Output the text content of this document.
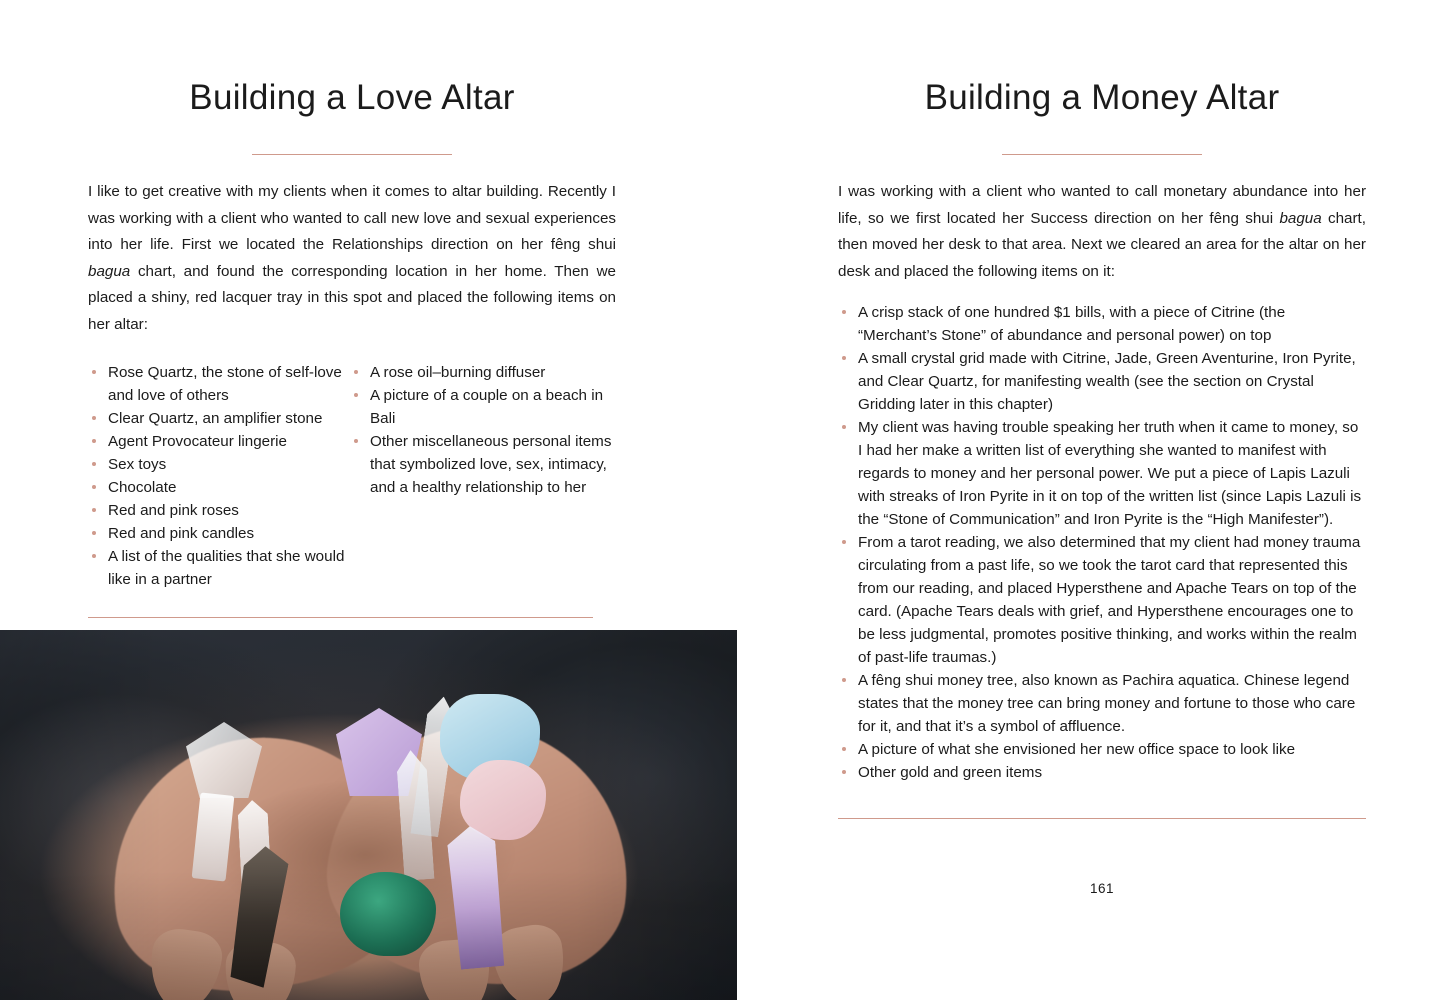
Building a Love Altar

I like to get creative with my clients when it comes to altar building. Recently I was working with a client who wanted to call new love and sexual experiences into her life. First we located the Relationships direction on her fêng shui bagua chart, and found the corresponding location in her home. Then we placed a shiny, red lacquer tray in this spot and placed the following items on her altar:

Rose Quartz, the stone of self-love and love of others
Clear Quartz, an amplifier stone
Agent Provocateur lingerie
Sex toys
Chocolate
Red and pink roses
Red and pink candles
A list of the qualities that she would like in a partner
A rose oil–burning diffuser
A picture of a couple on a beach in Bali
Other miscellaneous personal items that symbolized love, sex, intimacy, and a healthy relationship to her
Building a Money Altar

I was working with a client who wanted to call monetary abundance into her life, so we first located her Success direction on her fêng shui bagua chart, then moved her desk to that area. Next we cleared an area for the altar on her desk and placed the following items on it:

A crisp stack of one hundred $1 bills, with a piece of Citrine (the “Merchant’s Stone” of abundance and personal power) on top
A small crystal grid made with Citrine, Jade, Green Aventurine, Iron Pyrite, and Clear Quartz, for manifesting wealth (see the section on Crystal Gridding later in this chapter)
My client was having trouble speaking her truth when it came to money, so I had her make a written list of everything she wanted to manifest with regards to money and her personal power. We put a piece of Lapis Lazuli with streaks of Iron Pyrite in it on top of the written list (since Lapis Lazuli is the “Stone of Communication” and Iron Pyrite is the “High Manifester”).
From a tarot reading, we also determined that my client had money trauma circulating from a past life, so we took the tarot card that represented this from our reading, and placed Hypersthene and Apache Tears on top of the card. (Apache Tears deals with grief, and Hypersthene encourages one to be less judgmental, promotes positive thinking, and works within the realm of past-life traumas.)
A fêng shui money tree, also known as Pachira aquatica. Chinese legend states that the money tree can bring money and fortune to those who care for it, and that it’s a symbol of affluence.
A picture of what she envisioned her new office space to look like
Other gold and green items
161
